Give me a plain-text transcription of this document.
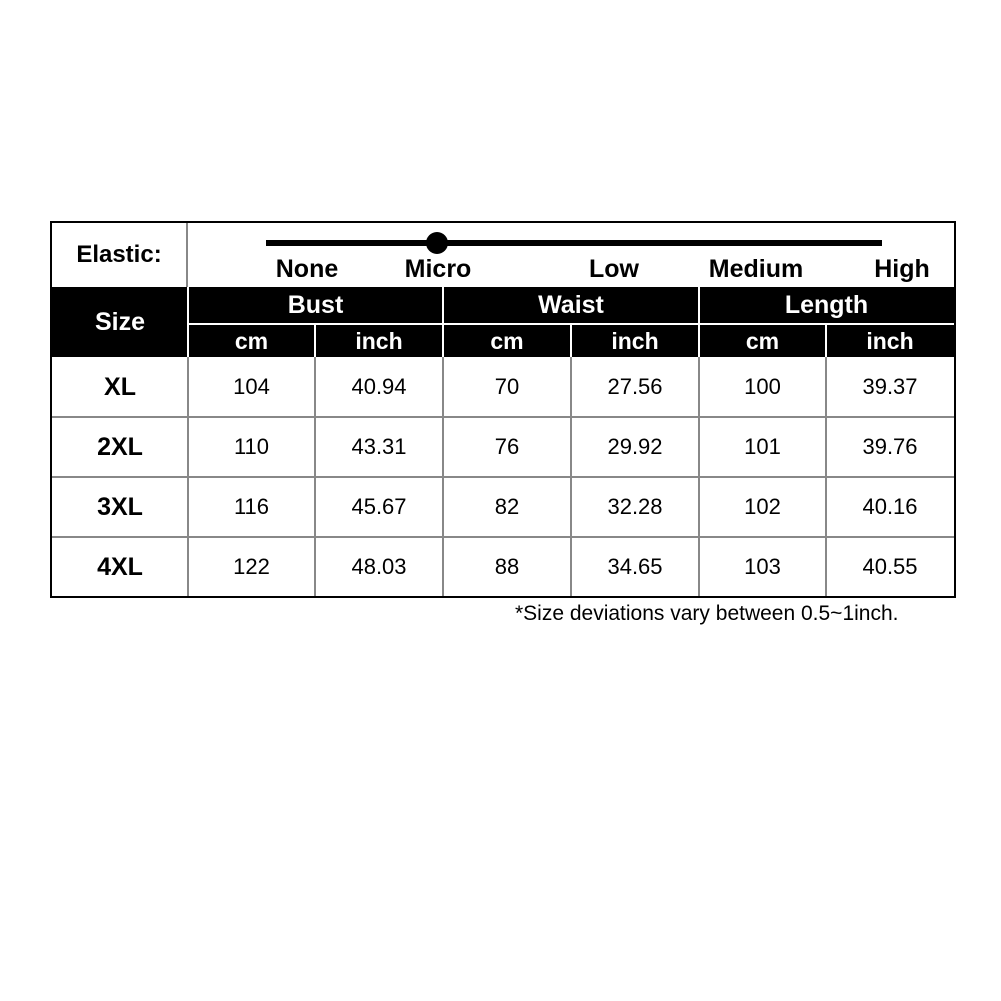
Elastic:
None	Micro	Low	Medium	High
Size
Bust	Waist	Length
cm	inch	cm	inch	cm	inch
XL	104	40.94	70	27.56	100	39.37
2XL	110	43.31	76	29.92	101	39.76
3XL	116	45.67	82	32.28	102	40.16
4XL	122	48.03	88	34.65	103	40.55
*Size deviations vary between 0.5~1inch.
